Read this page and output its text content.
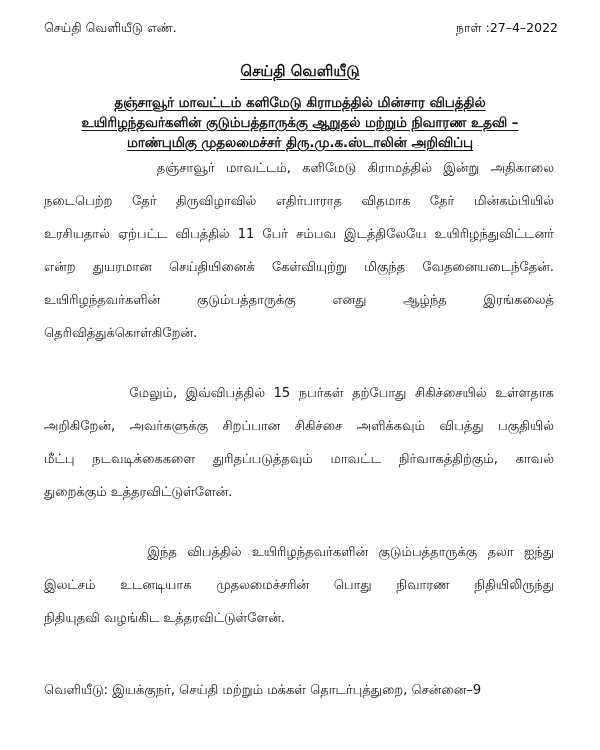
செய்தி வெளியீடு எண்.	நாள் :27–4–2022
செய்தி வெளியீடு
தஞ்சாவூர் மாவட்டம் களிமேடு கிராமத்தில் மின்சார விபத்தில்
உயிரிழந்தவர்களின் குடும்பத்தாருக்கு ஆறுதல் மற்றும் நிவாரண உதவி –
மாண்புமிகு முதலமைச்சர் திரு.மு.க.ஸ்டாலின் அறிவிப்பு
தஞ்சாவூர் மாவட்டம், களிமேடு கிராமத்தில் இன்று அதிகாலை
நடைபெற்ற தேர் திருவிழாவில் எதிர்பாராத விதமாக தேர் மின்கம்பியில்
உரசியதால் ஏற்பட்ட விபத்தில் 11 பேர் சம்பவ இடத்திலேயே உயிரிழந்துவிட்டனர்
என்ற துயரமான செய்தியினைக் கேள்வியுற்று மிகுந்த வேதனையடைந்தேன்.
உயிரிழந்தவர்களின் குடும்பத்தாருக்கு எனது ஆழ்ந்த இரங்கலைத்
தெரிவித்துக்கொள்கிறேன்.
மேலும், இவ்விபத்தில் 15 நபர்கள் தற்போது சிகிச்சையில் உள்ளதாக
அறிகிறேன், அவர்களுக்கு சிறப்பான சிகிச்சை அளிக்கவும் விபத்து பகுதியில்
மீட்பு நடவடிக்கைகளை துரிதப்படுத்தவும் மாவட்ட நிர்வாகத்திற்கும், காவல்
துறைக்கும் உத்தரவிட்டுள்ளேன்.
இந்த விபத்தில் உயிரிழந்தவர்களின் குடும்பத்தாருக்கு தலா ஐந்து
இலட்சம் உடனடியாக முதலமைச்சரின் பொது நிவாரண நிதியிலிருந்து
நிதியுதவி வழங்கிட உத்தரவிட்டுள்ளேன்.
வெளியீடு: இயக்குநர், செய்தி மற்றும் மக்கள் தொடர்புத்துறை, சென்னை–9
